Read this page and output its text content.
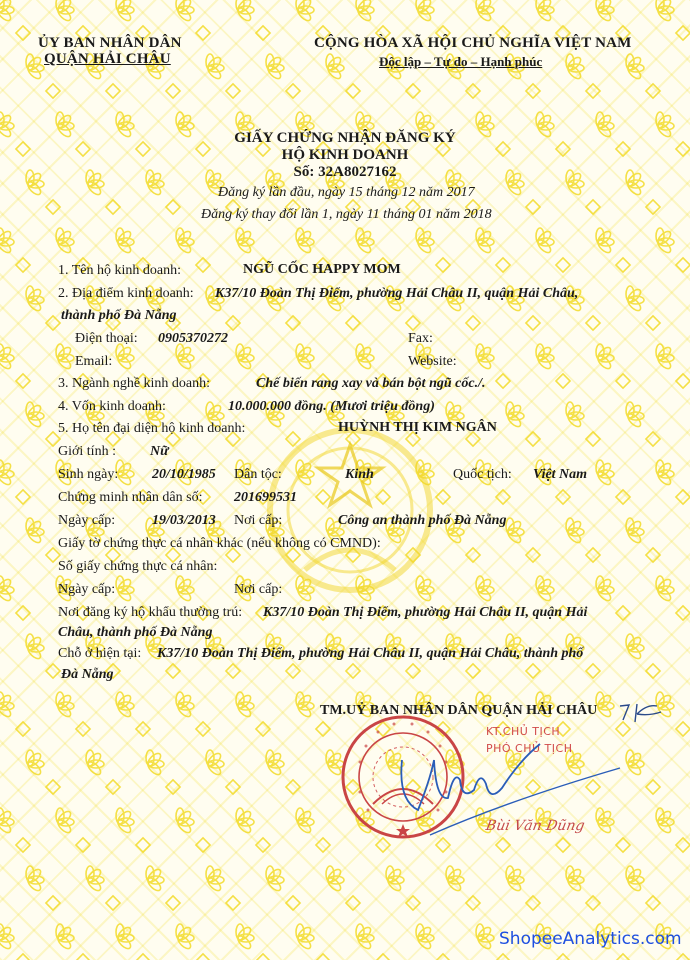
ỦY BAN NHÂN DÂN
QUẬN HẢI CHÂU
CỘNG HÒA XÃ HỘI CHỦ NGHĨA VIỆT NAM
Độc lập – Tự do – Hạnh phúc
GIẤY CHỨNG NHẬN ĐĂNG KÝ
HỘ KINH DOANH
Số: 32A8027162
Đăng ký lần đầu, ngày 15 tháng 12 năm 2017
Đăng ký thay đổi lần 1, ngày 11 tháng 01 năm 2018
1. Tên hộ kinh doanh:	NGŨ CỐC HAPPY MOM
2. Địa điểm kinh doanh: K37/10 Đoàn Thị Điểm, phường Hải Châu II, quận Hải Châu,
thành phố Đà Nẵng
Điện thoại: 0905370272	Fax:
Email:	Website:
3. Ngành nghề kinh doanh:	Chế biến rang xay và bán bột ngũ cốc./.
4. Vốn kinh doanh:	10.000.000 đồng. (Mươi triệu đồng)
5. Họ tên đại diện hộ kinh doanh:	HUỲNH THỊ KIM NGÂN
Giới tính : Nữ
Sinh ngày: 20/10/1985 Dân tộc:	Kinh	Quốc tịch: Việt Nam
Chứng minh nhân dân số: 201699531
Ngày cấp:	19/03/2013 Nơi cấp:	Công an thành phố Đà Nẵng
Giấy tờ chứng thực cá nhân khác (nếu không có CMND):
Số giấy chứng thực cá nhân:
Ngày cấp:	Nơi cấp:
Nơi đăng ký hộ khẩu thường trú: K37/10 Đoàn Thị Điểm, phường Hải Châu II, quận Hải
Châu, thành phố Đà Nẵng
Chỗ ở hiện tại: K37/10 Đoàn Thị Điểm, phường Hải Châu II, quận Hải Châu, thành phố
Đà Nẵng
TM.UỶ BAN NHÂN DÂN QUẬN HẢI CHÂU
KT.CHỦ TỊCH
PHÓ CHỦ TỊCH
Bùi Văn Dũng
ShopeeAnalytics.com
